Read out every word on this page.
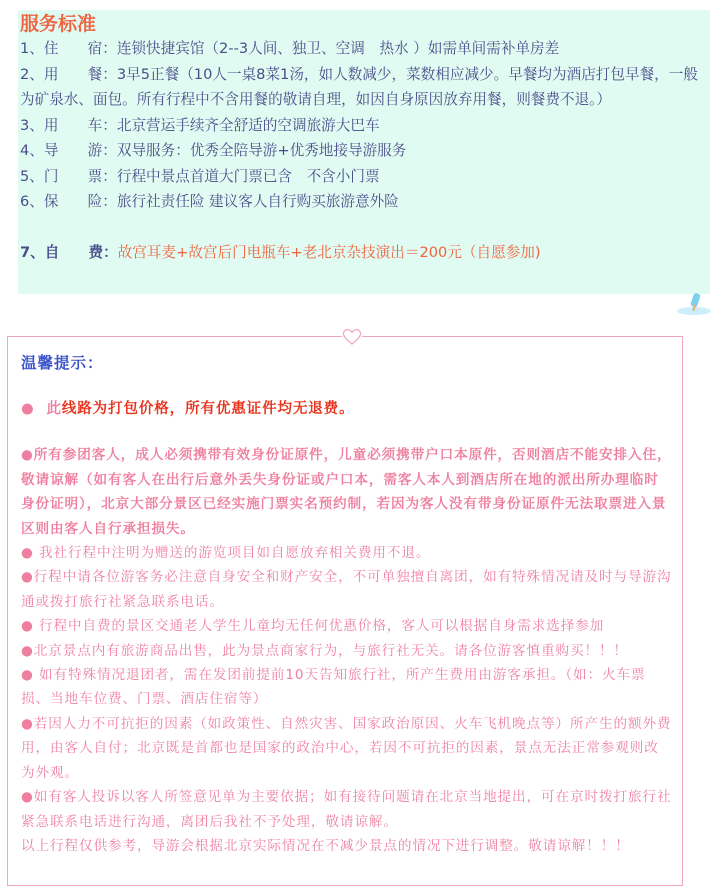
服务标准
1、住　　宿：连锁快捷宾馆（2--3人间、独卫、空调　热水 ）如需单间需补单房差
2、用　　餐：3早5正餐（10人一桌8菜1汤，如人数减少，菜数相应减少。早餐均为酒店打包早餐，一般为矿泉水、面包。所有行程中不含用餐的敬请自理，如因自身原因放弃用餐，则餐费不退。）
3、用　　车：北京营运手续齐全舒适的空调旅游大巴车
4、导　　游：双导服务：优秀全陪导游+优秀地接导游服务
5、门　　票：行程中景点首道大门票已含　不含小门票
6、保　　险：旅行社责任险 建议客人自行购买旅游意外险
7、自　　费：故宫耳麦+故宫后门电瓶车+老北京杂技演出＝200元（自愿参加)
温馨提示：

● 此线路为打包价格，所有优惠证件均无退费。

●所有参团客人，成人必须携带有效身份证原件，儿童必须携带户口本原件，否则酒店不能安排入住，敬请谅解（如有客人在出行后意外丢失身份证或户口本，需客人本人到酒店所在地的派出所办理临时身份证明），北京大部分景区已经实施门票实名预约制，若因为客人没有带身份证原件无法取票进入景区则由客人自行承担损失。

● 我社行程中注明为赠送的游览项目如自愿放弃相关费用不退。

●行程中请各位游客务必注意自身安全和财产安全，不可单独擅自离团，如有特殊情况请及时与导游沟通或拨打旅行社紧急联系电话。

● 行程中自费的景区交通老人学生儿童均无任何优惠价格，客人可以根据自身需求选择参加

●北京景点内有旅游商品出售，此为景点商家行为，与旅行社无关。请各位游客慎重购买！！！

● 如有特殊情况退团者，需在发团前提前10天告知旅行社，所产生费用由游客承担。（如：火车票损、当地车位费、门票、酒店住宿等）

●若因人力不可抗拒的因素（如政策性、自然灾害、国家政治原因、火车飞机晚点等）所产生的额外费用，由客人自付；北京既是首都也是国家的政治中心，若因不可抗拒的因素，景点无法正常参观则改为外观。

●如有客人投诉以客人所签意见单为主要依据；如有接待问题请在北京当地提出，可在京时拨打旅行社紧急联系电话进行沟通，离团后我社不予处理，敬请谅解。

以上行程仅供参考，导游会根据北京实际情况在不减少景点的情况下进行调整。敬请谅解！！！
